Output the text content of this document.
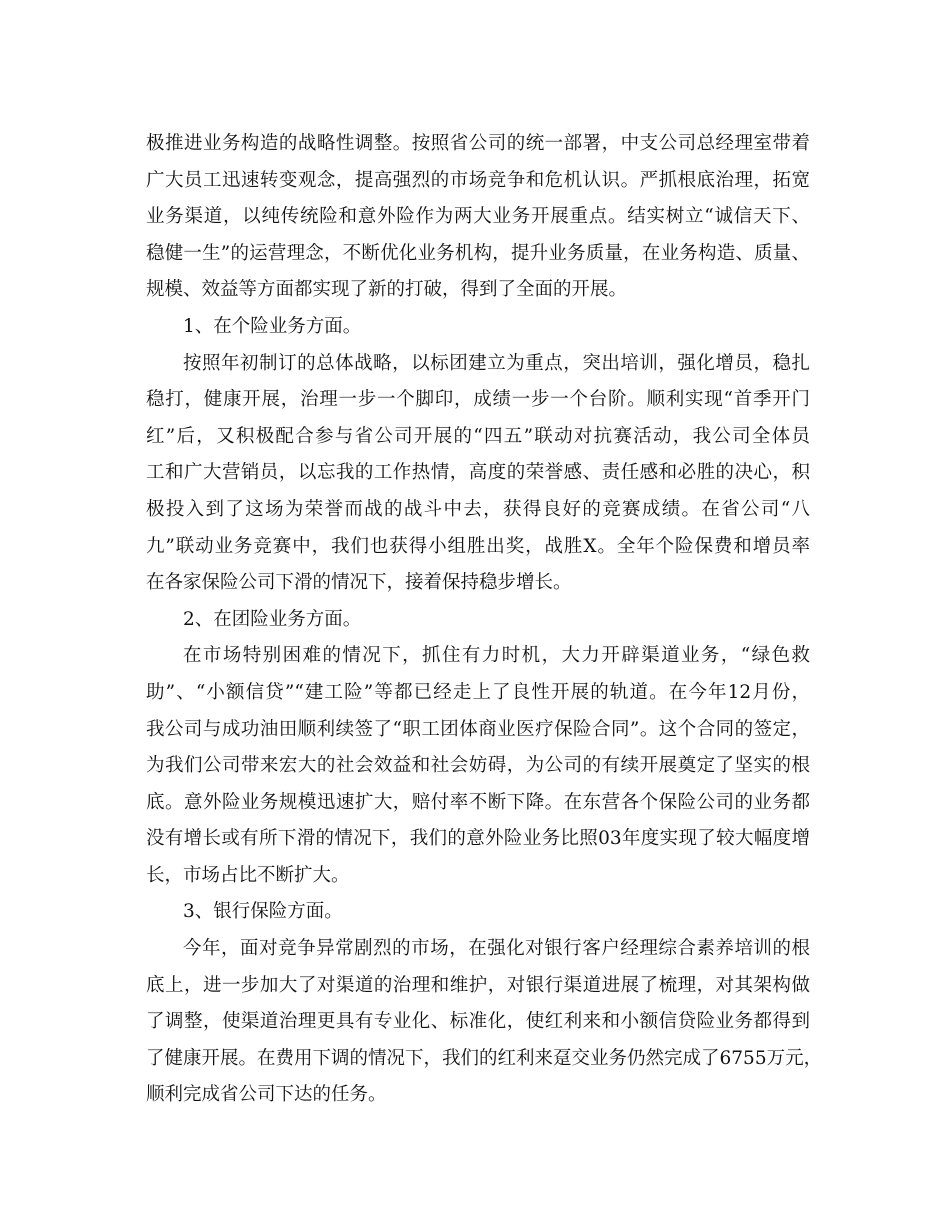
极推进业务构造的战略性调整。按照省公司的统一部署，中支公司总经理室带着
广大员工迅速转变观念，提高强烈的市场竞争和危机认识。严抓根底治理，拓宽
业务渠道，以纯传统险和意外险作为两大业务开展重点。结实树立“诚信天下、
稳健一生”的运营理念，不断优化业务机构，提升业务质量，在业务构造、质量、
规模、效益等方面都实现了新的打破，得到了全面的开展。
1、在个险业务方面。
按照年初制订的总体战略，以标团建立为重点，突出培训，强化增员，稳扎
稳打，健康开展，治理一步一个脚印，成绩一步一个台阶。顺利实现“首季开门
红”后，又积极配合参与省公司开展的“四五”联动对抗赛活动，我公司全体员
工和广大营销员，以忘我的工作热情，高度的荣誉感、责任感和必胜的决心，积
极投入到了这场为荣誉而战的战斗中去，获得良好的竞赛成绩。在省公司“八
九”联动业务竞赛中，我们也获得小组胜出奖，战胜X。全年个险保费和增员率
在各家保险公司下滑的情况下，接着保持稳步增长。
2、在团险业务方面。
在市场特别困难的情况下，抓住有力时机，大力开辟渠道业务，“绿色救
助”、“小额信贷”“建工险”等都已经走上了良性开展的轨道。在今年12月份，
我公司与成功油田顺利续签了“职工团体商业医疗保险合同”。这个合同的签定，
为我们公司带来宏大的社会效益和社会妨碍，为公司的有续开展奠定了坚实的根
底。意外险业务规模迅速扩大，赔付率不断下降。在东营各个保险公司的业务都
没有增长或有所下滑的情况下，我们的意外险业务比照03年度实现了较大幅度增
长，市场占比不断扩大。
3、银行保险方面。
今年，面对竞争异常剧烈的市场，在强化对银行客户经理综合素养培训的根
底上，进一步加大了对渠道的治理和维护，对银行渠道进展了梳理，对其架构做
了调整，使渠道治理更具有专业化、标准化，使红利来和小额信贷险业务都得到
了健康开展。在费用下调的情况下，我们的红利来趸交业务仍然完成了6755万元，
顺利完成省公司下达的任务。
